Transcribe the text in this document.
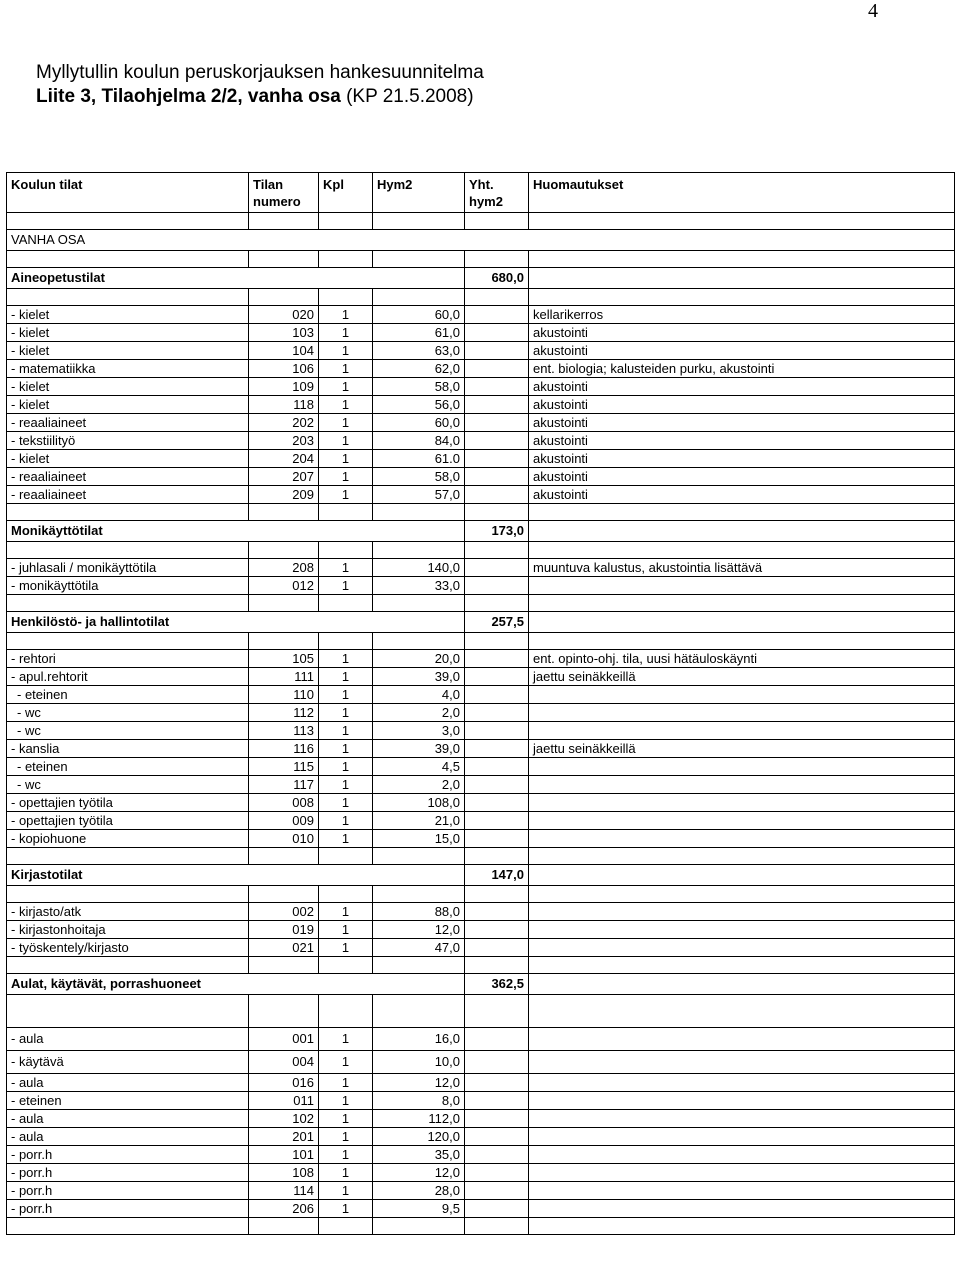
4
Myllytullin koulun peruskorjauksen hankesuunnitelma
Liite 3, Tilaohjelma 2/2, vanha osa (KP 21.5.2008)
Koulun tilat	Tilan numero	Kpl	Hym2	Yht. hym2	Huomautukset

VANHA OSA					

Aineopetustilat				680,0	

- kielet	020	1	60,0		kellarikerros
- kielet	103	1	61,0		akustointi
- kielet	104	1	63,0		akustointi
- matematiikka	106	1	62,0		ent. biologia; kalusteiden purku, akustointi
- kielet	109	1	58,0		akustointi
- kielet	118	1	56,0		akustointi
- reaaliaineet	202	1	60,0		akustointi
- tekstiilityö	203	1	84,0		akustointi
- kielet	204	1	61.0		akustointi
- reaaliaineet	207	1	58,0		akustointi
- reaaliaineet	209	1	57,0		akustointi

Monikäyttötilat				173,0	

- juhlasali / monikäyttötila	208	1	140,0		muuntuva kalustus, akustointia lisättävä
- monikäyttötila	012	1	33,0		

Henkilöstö- ja hallintotilat				257,5	

- rehtori	105	1	20,0		ent. opinto-ohj. tila, uusi hätäuloskäynti
- apul.rehtorit	111	1	39,0		jaettu seinäkkeillä
- eteinen	110	1	4,0		
- wc	112	1	2,0		
- wc	113	1	3,0		
- kanslia	116	1	39,0		jaettu seinäkkeillä
- eteinen	115	1	4,5		
- wc	117	1	2,0		
- opettajien työtila	008	1	108,0		
- opettajien työtila	009	1	21,0		
- kopiohuone	010	1	15,0		

Kirjastotilat				147,0	

- kirjasto/atk	002	1	88,0		
- kirjastonhoitaja	019	1	12,0		
- työskentely/kirjasto	021	1	47,0		

Aulat, käytävät, porrashuoneet				362,5	

- aula	001	1	16,0		
- käytävä	004	1	10,0		
- aula	016	1	12,0		
- eteinen	011	1	8,0		
- aula	102	1	112,0		
- aula	201	1	120,0		
- porr.h	101	1	35,0		
- porr.h	108	1	12,0		
- porr.h	114	1	28,0		
- porr.h	206	1	9,5		
